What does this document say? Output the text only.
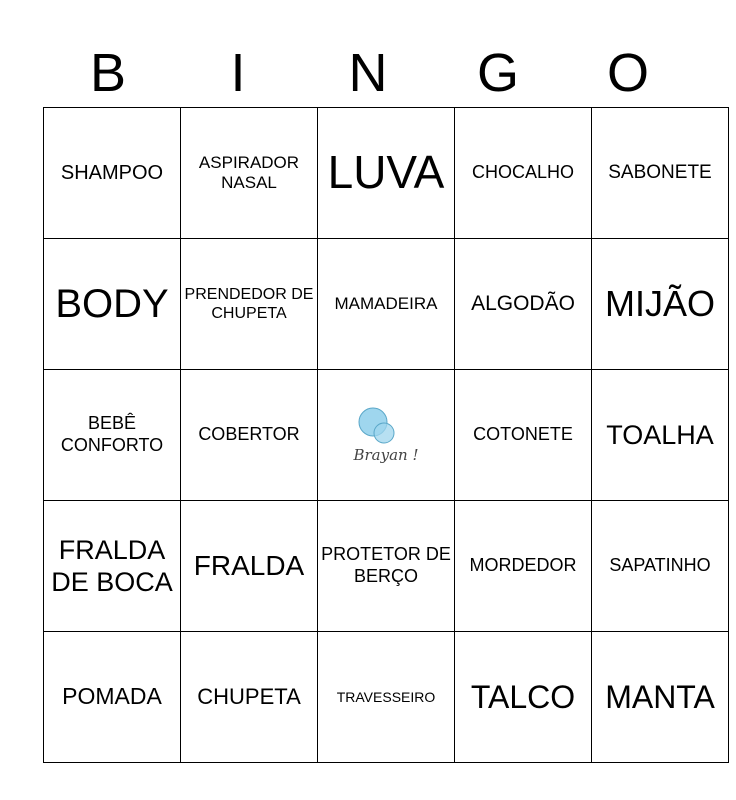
B	I	N	G	O
SHAMPOO	ASPIRADOR NASAL	LUVA	CHOCALHO	SABONETE
BODY	PRENDEDOR DE CHUPETA	MAMADEIRA	ALGODÃO	MIJÃO
BEBÊ CONFORTO	COBERTOR	Brayan !	COTONETE	TOALHA
FRALDA DE BOCA	FRALDA	PROTETOR DE BERÇO	MORDEDOR	SAPATINHO
POMADA	CHUPETA	TRAVESSEIRO	TALCO	MANTA
